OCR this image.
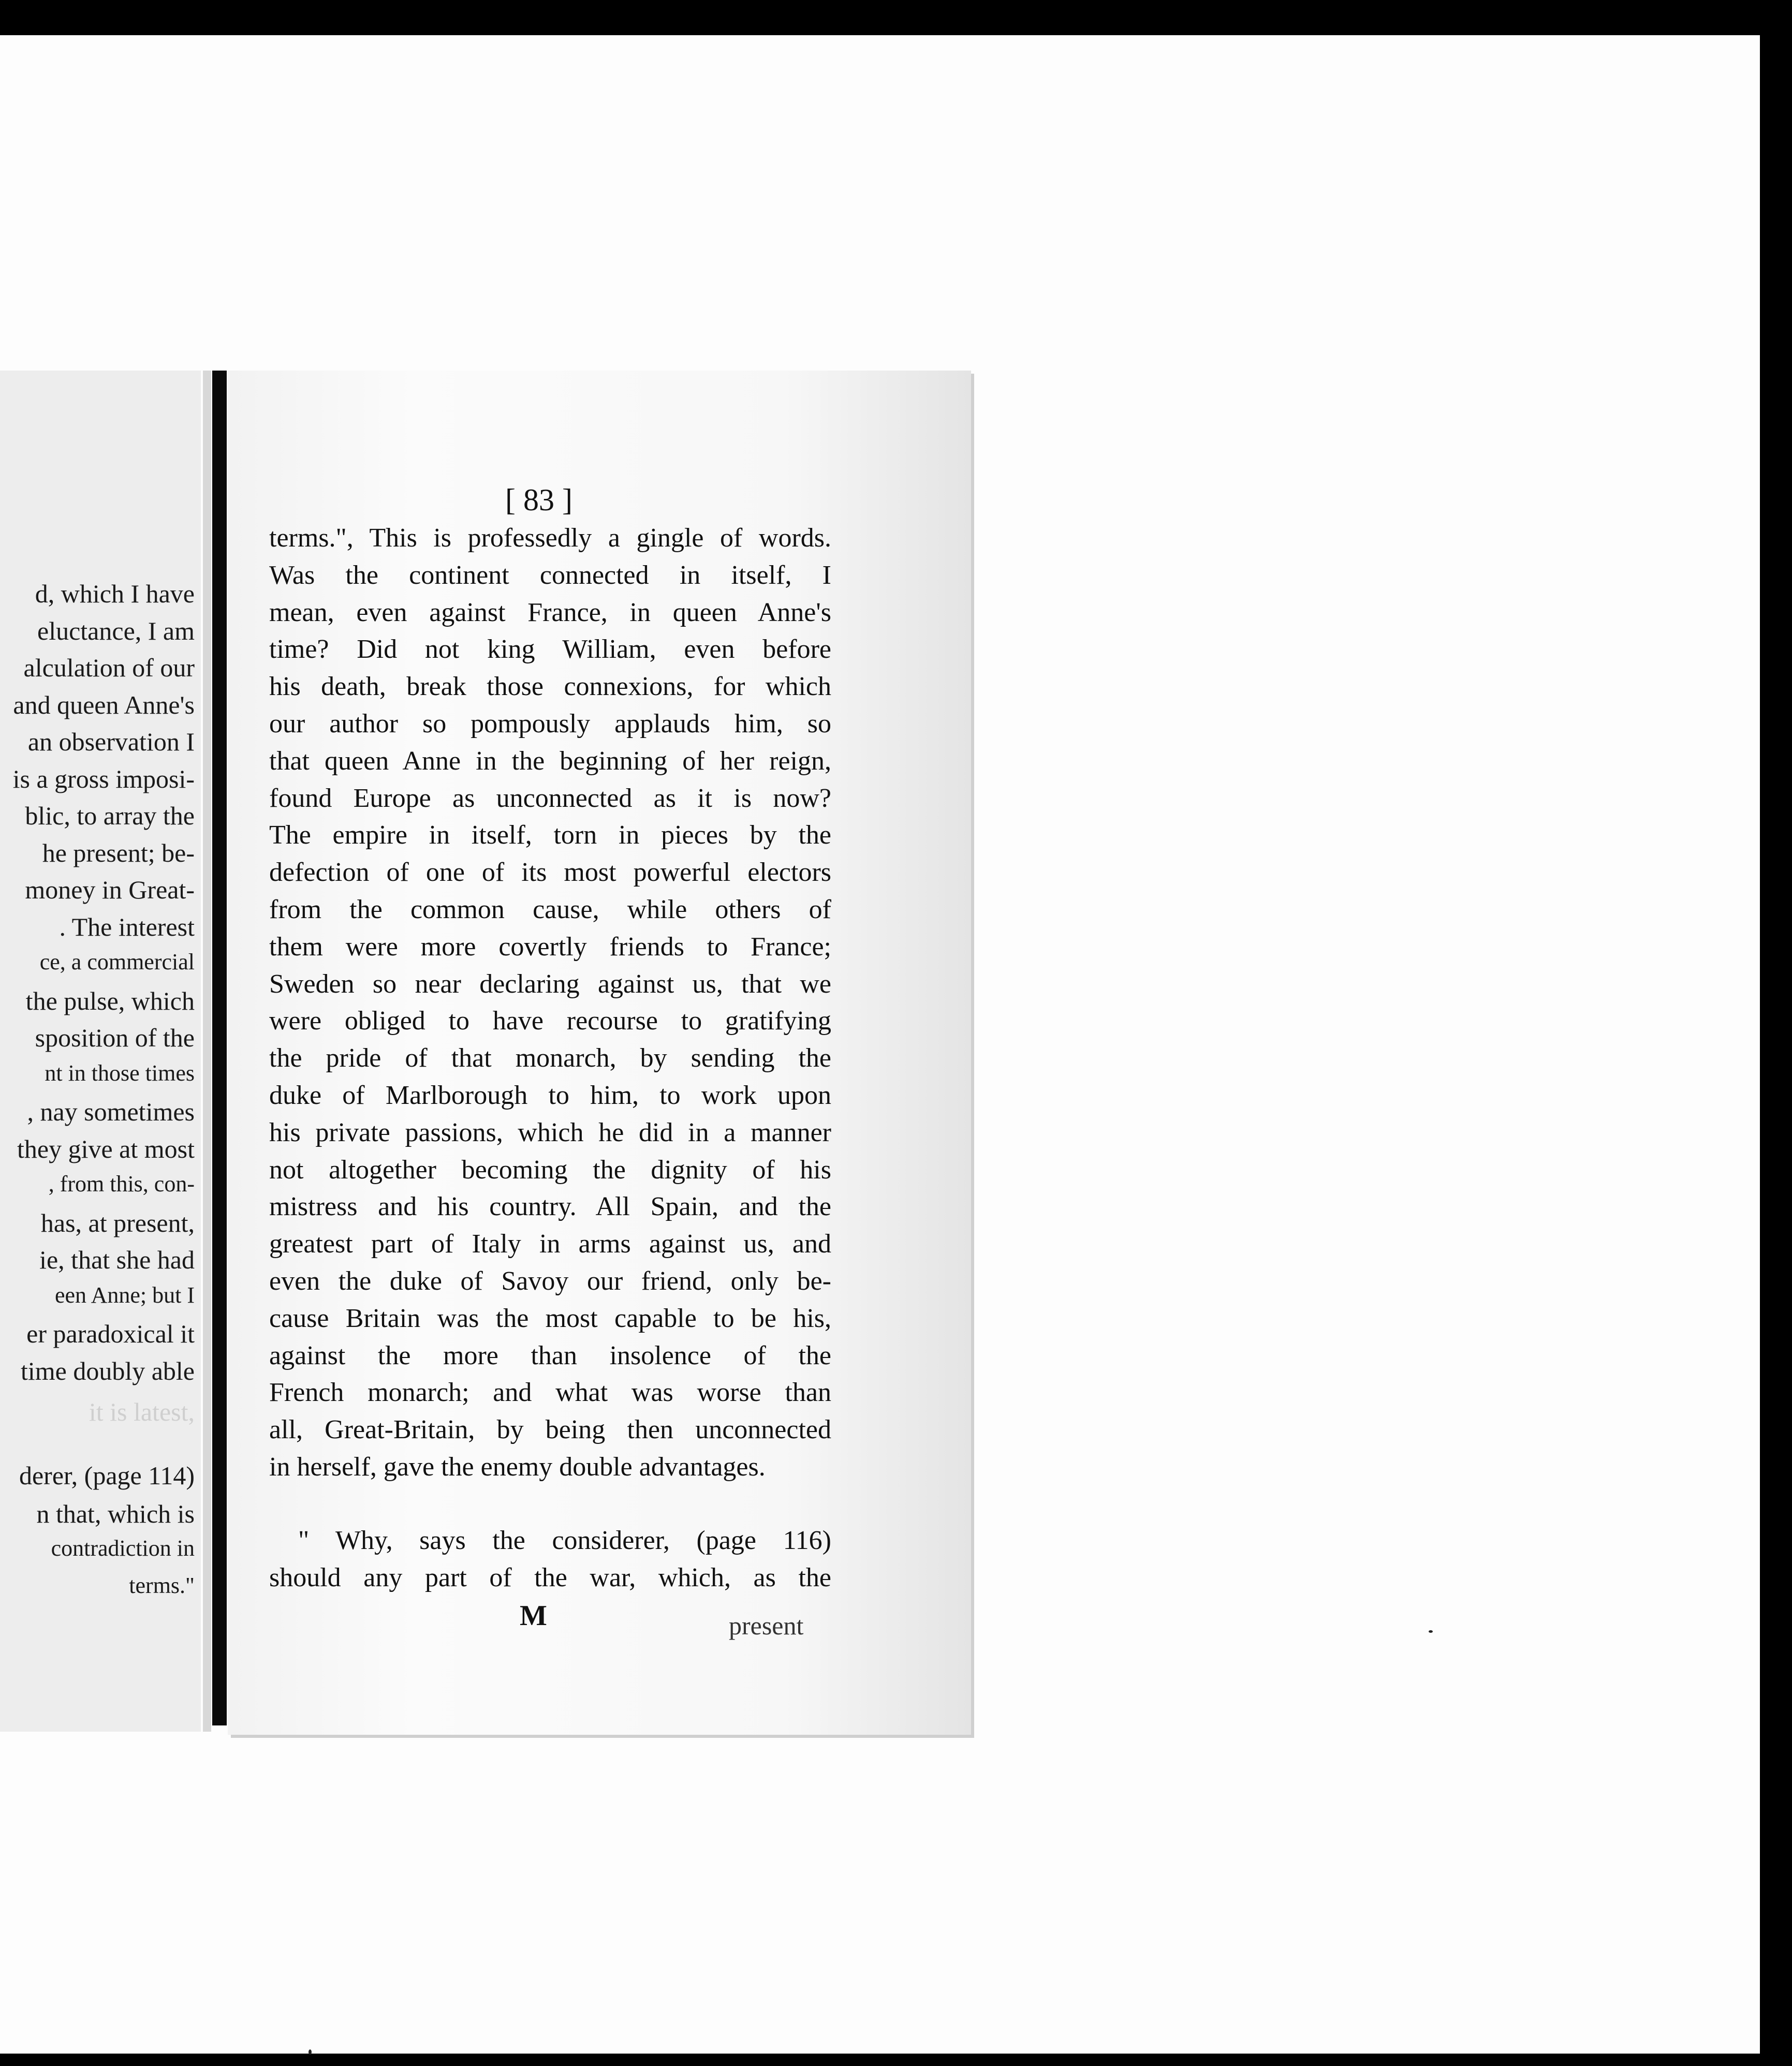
d, which I have
eluctance, I am
alculation of our
and queen Anne's
an observation I
is a gross imposi-
blic, to array the
he present; be-
money in Great-
. The interest
ce, a commercial
the pulse, which
sposition of the
nt in those times
, nay sometimes
they give at most
, from this, con-
has, at present,
ie, that she had
een Anne; but I
er paradoxical it
time doubly able
it is latest,
derer, (page 114)
n that, which is
contradiction in
terms."
[ 83 ]
terms.", This is professedly a gingle of words.
Was the continent connected in itself, I
mean, even against France, in queen Anne's
time? Did not king William, even before
his death, break those connexions, for which
our author so pompously applauds him, so
that queen Anne in the beginning of her reign,
found Europe as unconnected as it is now?
The empire in itself, torn in pieces by the
defection of one of its most powerful electors
from the common cause, while others of
them were more covertly friends to France;
Sweden so near declaring against us, that we
were obliged to have recourse to gratifying
the pride of that monarch, by sending the
duke of Marlborough to him, to work upon
his private passions, which he did in a manner
not altogether becoming the dignity of his
mistress and his country. All Spain, and the
greatest part of Italy in arms against us, and
even the duke of Savoy our friend, only be-
cause Britain was the most capable to be his,
against the more than insolence of the
French monarch; and what was worse than
all, Great-Britain, by being then unconnected
in herself, gave the enemy double advantages.
" Why, says the considerer, (page 116)
should any part of the war, which, as the
M	present
